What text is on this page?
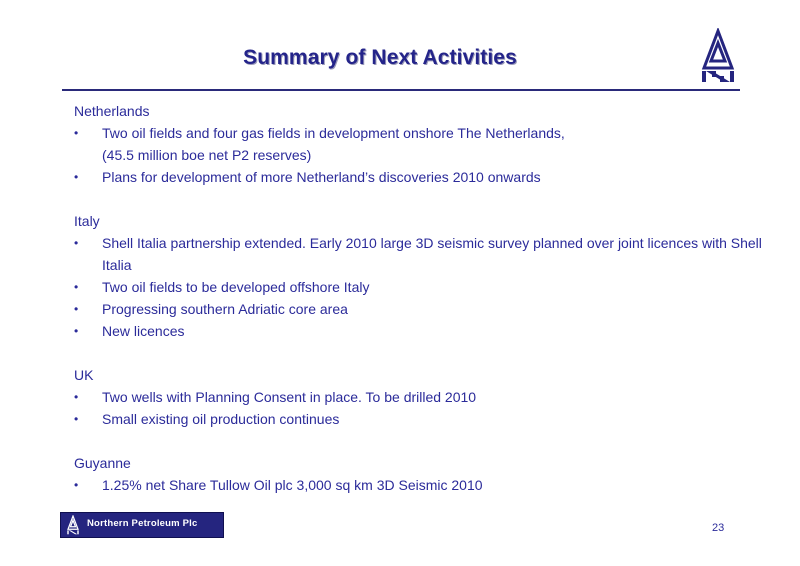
Summary of Next Activities
Netherlands
•	Two oil fields and four gas fields in development onshore The Netherlands,
(45.5 million boe net P2 reserves)
•	Plans for development of more Netherland’s discoveries 2010 onwards
Italy
•	Shell Italia partnership extended. Early 2010 large 3D seismic survey planned over joint licences with Shell Italia
•	Two oil fields to be developed offshore Italy
•	Progressing southern Adriatic core area
•	New licences
UK
•	Two wells with Planning Consent in place. To be drilled 2010
•	Small existing oil production continues
Guyanne
•	1.25% net Share Tullow Oil plc 3,000 sq km 3D Seismic 2010
Northern Petroleum Plc	23
